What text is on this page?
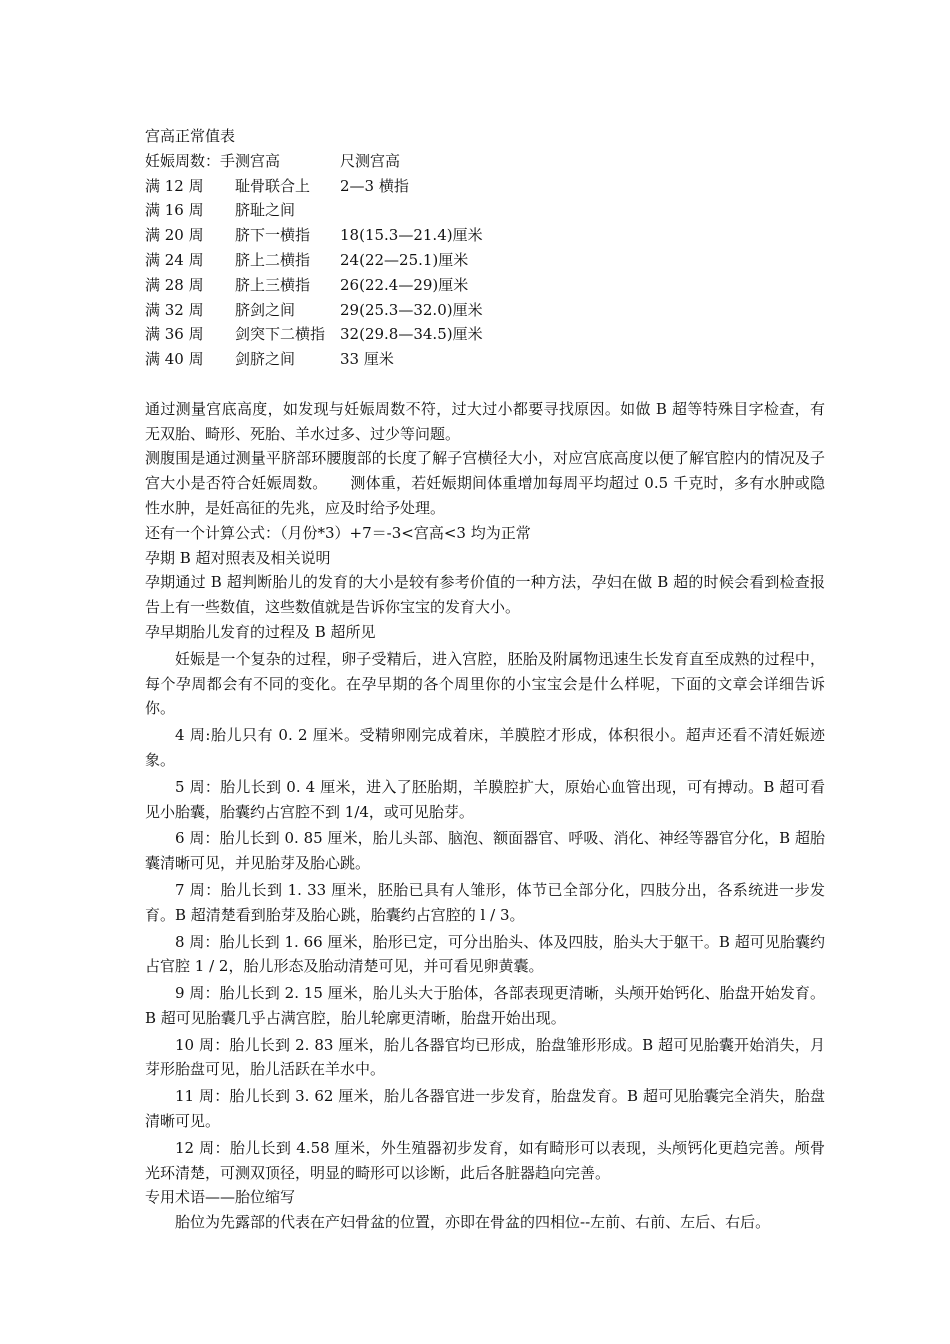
宫高正常值表
妊娠周数：手测宫高	尺测宫高
满 12 周	耻骨联合上	2—3 横指
满 16 周	脐耻之间
满 20 周	脐下一横指	18(15.3—21.4)厘米
满 24 周	脐上二横指	24(22—25.1)厘米
满 28 周	脐上三横指	26(22.4—29)厘米
满 32 周	脐剑之间	29(25.3—32.0)厘米
满 36 周	剑突下二横指 32(29.8—34.5)厘米
满 40 周	剑脐之间	33 厘米

通过测量宫底高度，如发现与妊娠周数不符，过大过小都要寻找原因。如做 B 超等特殊目字检查，有无双胎、畸形、死胎、羊水过多、过少等问题。

测腹围是通过测量平脐部环腰腹部的长度了解子宫横径大小，对应宫底高度以便了解官腔内的情况及子宫大小是否符合妊娠周数。　　测体重，若妊娠期间体重增加每周平均超过 0.5 千克时，多有水肿或隐性水肿，是妊高征的先兆，应及时给予处理。

还有一个计算公式：（月份*3）+7＝-3<宫高<3 均为正常

孕期 B 超对照表及相关说明

孕期通过 B 超判断胎儿的发育的大小是较有参考价值的一种方法，孕妇在做 B 超的时候会看到检查报告上有一些数值，这些数值就是告诉你宝宝的发育大小。

孕早期胎儿发育的过程及 B 超所见

妊娠是一个复杂的过程，卵子受精后，进入宫腔，胚胎及附属物迅速生长发育直至成熟的过程中，每个孕周都会有不同的变化。在孕早期的各个周里你的小宝宝会是什么样呢，下面的文章会详细告诉你。

4 周:胎儿只有 0. 2 厘米。受精卵刚完成着床，羊膜腔才形成，体积很小。超声还看不清妊娠迹象。

5 周：胎儿长到 0. 4 厘米，进入了胚胎期，羊膜腔扩大，原始心血管出现，可有搏动。B 超可看见小胎囊，胎囊约占宫腔不到 1/4，或可见胎芽。

6 周：胎儿长到 0. 85 厘米，胎儿头部、脑泡、额面器官、呼吸、消化、神经等器官分化，B 超胎囊清晰可见，并见胎芽及胎心跳。

7 周：胎儿长到 1. 33 厘米，胚胎已具有人雏形，体节已全部分化，四肢分出，各系统进一步发育。B 超清楚看到胎芽及胎心跳，胎囊约占宫腔的 l / 3。

8 周：胎儿长到 1. 66 厘米，胎形已定，可分出胎头、体及四肢，胎头大于躯干。B 超可见胎囊约占官腔 1 / 2，胎儿形态及胎动清楚可见，并可看见卵黄囊。

9 周：胎儿长到 2. 15 厘米，胎儿头大于胎体，各部表现更清晰，头颅开始钙化、胎盘开始发育。B 超可见胎囊几乎占满宫腔，胎儿轮廓更清晰，胎盘开始出现。

10 周：胎儿长到 2. 83 厘米，胎儿各器官均已形成，胎盘雏形形成。B 超可见胎囊开始消失，月芽形胎盘可见，胎儿活跃在羊水中。

11 周：胎儿长到 3. 62 厘米，胎儿各器官进一步发育，胎盘发育。B 超可见胎囊完全消失，胎盘清晰可见。

12 周：胎儿长到 4.58 厘米，外生殖器初步发育，如有畸形可以表现，头颅钙化更趋完善。颅骨光环清楚，可测双顶径，明显的畸形可以诊断，此后各脏器趋向完善。

专用术语——胎位缩写

胎位为先露部的代表在产妇骨盆的位置，亦即在骨盆的四相位--左前、右前、左后、右后。
